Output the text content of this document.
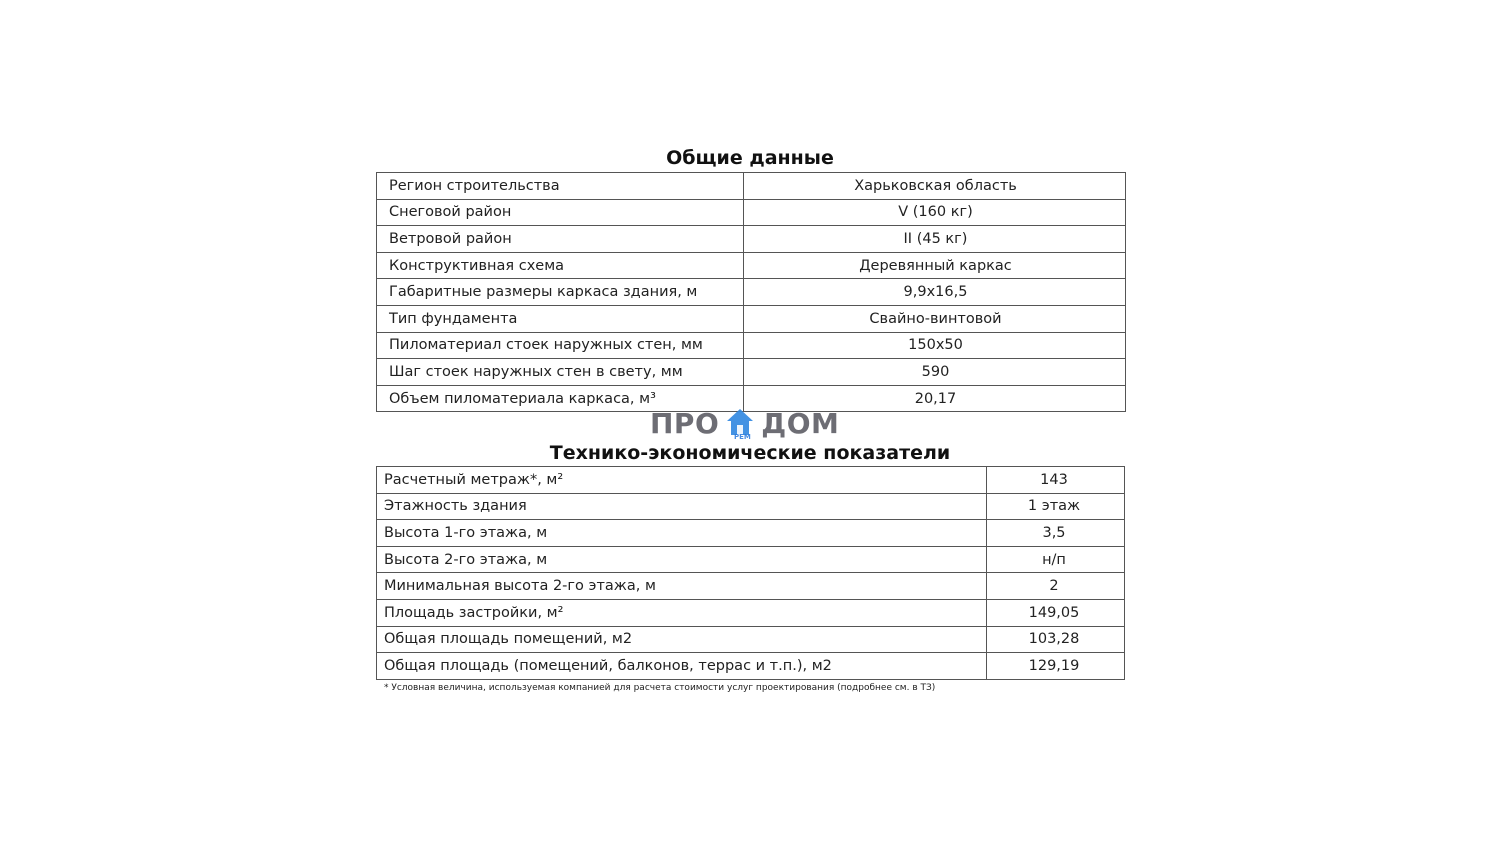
Общие данные
Регион строительства	Харьковская область
Снеговой район	V (160 кг)
Ветровой район	II (45 кг)
Конструктивная схема	Деревянный каркас
Габаритные размеры каркаса здания, м	9,9х16,5
Тип фундамента	Свайно-винтовой
Пиломатериал стоек наружных стен, мм	150х50
Шаг стоек наружных стен в свету, мм	590
Объем пиломатериала каркаса, м³	20,17
ПРО ДОМ
РЕМ
Технико-экономические показатели
Расчетный метраж*, м²	143
Этажность здания	1 этаж
Высота 1-го этажа, м	3,5
Высота 2-го этажа, м	н/п
Минимальная высота 2-го этажа, м	2
Площадь застройки, м²	149,05
Общая площадь помещений, м2	103,28
Общая площадь (помещений, балконов, террас и т.п.), м2	129,19
* Условная величина, используемая компанией для расчета стоимости услуг проектирования (подробнее см. в ТЗ)
